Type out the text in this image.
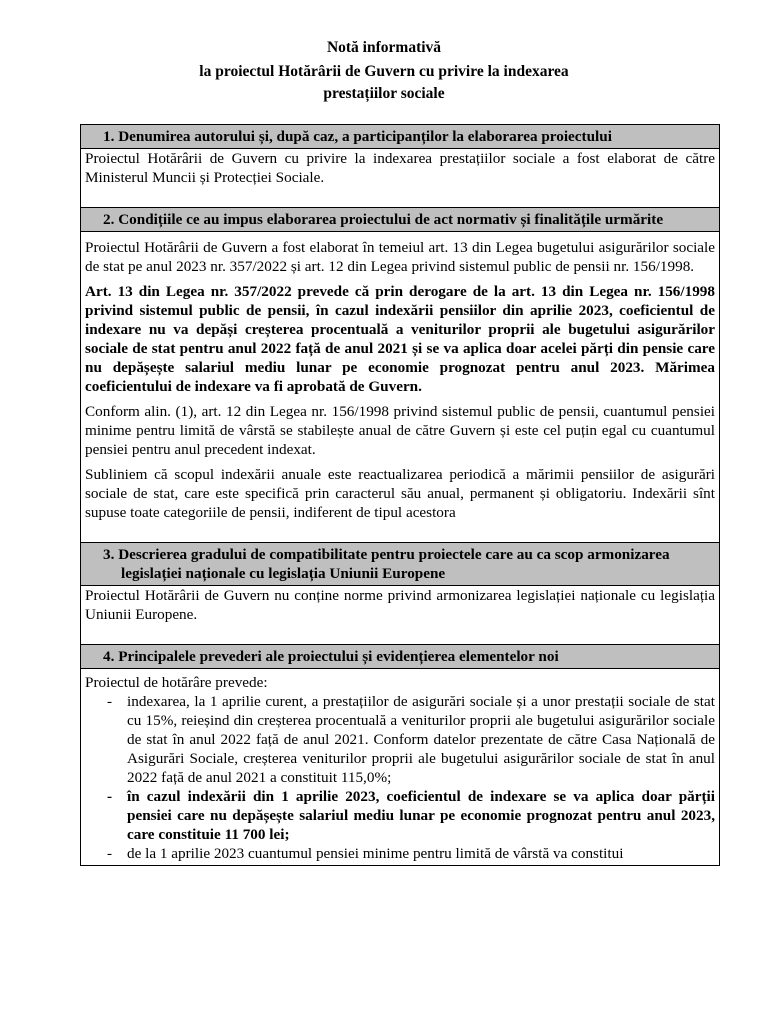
Notă informativă
la proiectul Hotărârii de Guvern cu privire la indexarea
prestațiilor sociale
1. Denumirea autorului și, după caz, a participanților la elaborarea proiectului

Proiectul Hotărârii de Guvern cu privire la indexarea prestațiilor sociale a fost elaborat de către Ministerul Muncii și Protecției Sociale.

2. Condițiile ce au impus elaborarea proiectului de act normativ și finalitățile urmărite

Proiectul Hotărârii de Guvern a fost elaborat în temeiul art. 13 din Legea bugetului asigurărilor sociale de stat pe anul 2023 nr. 357/2022 și art. 12 din Legea privind sistemul public de pensii nr. 156/1998.

Art. 13 din Legea nr. 357/2022 prevede că prin derogare de la art. 13 din Legea nr. 156/1998 privind sistemul public de pensii, în cazul indexării pensiilor din aprilie 2023, coeficientul de indexare nu va depăși creșterea procentuală a veniturilor proprii ale bugetului asigurărilor sociale de stat pentru anul 2022 față de anul 2021 și se va aplica doar acelei părți din pensie care nu depășește salariul mediu lunar pe economie prognozat pentru anul 2023. Mărimea coeficientului de indexare va fi aprobată de Guvern.

Conform alin. (1), art. 12 din Legea nr. 156/1998 privind sistemul public de pensii, cuantumul pensiei minime pentru limită de vârstă se stabilește anual de către Guvern și este cel puțin egal cu cuantumul pensiei pentru anul precedent indexat.

Subliniem că scopul indexării anuale este reactualizarea periodică a mărimii pensiilor de asigurări sociale de stat, care este specifică prin caracterul său anual, permanent și obligatoriu. Indexării sînt supuse toate categoriile de pensii, indiferent de tipul acestora

3. Descrierea gradului de compatibilitate pentru proiectele care au ca scop armonizarea legislației naționale cu legislația Uniunii Europene

Proiectul Hotărârii de Guvern nu conține norme privind armonizarea legislației naționale cu legislația Uniunii Europene.

4. Principalele prevederi ale proiectului și evidențierea elementelor noi

Proiectul de hotărâre prevede:
- indexarea, la 1 aprilie curent, a prestațiilor de asigurări sociale și a unor prestații sociale de stat cu 15%, reieșind din creșterea procentuală a veniturilor proprii ale bugetului asigurărilor sociale de stat în anul 2022 față de anul 2021. Conform datelor prezentate de către Casa Națională de Asigurări Sociale, creșterea veniturilor proprii ale bugetului asigurărilor sociale de stat în anul 2022 față de anul 2021 a constituit 115,0%;
- în cazul indexării din 1 aprilie 2023, coeficientul de indexare se va aplica doar părții pensiei care nu depășește salariul mediu lunar pe economie prognozat pentru anul 2023, care constituie 11 700 lei;
- de la 1 aprilie 2023 cuantumul pensiei minime pentru limită de vârstă va constitui
